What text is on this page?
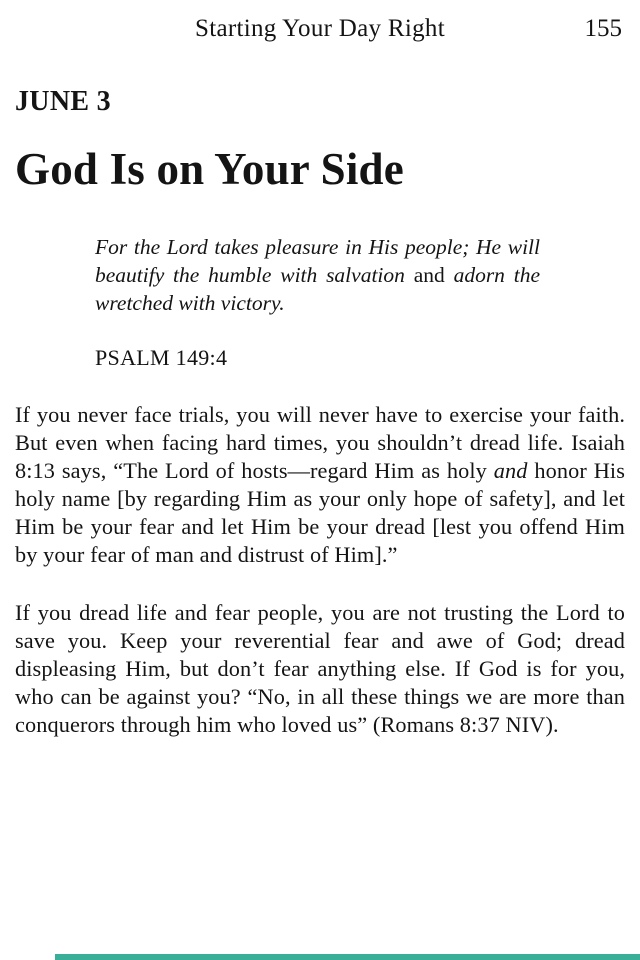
Starting Your Day Right	155
JUNE 3
God Is on Your Side
For the Lord takes pleasure in His people; He will beautify the humble with salvation and adorn the wretched with victory.
PSALM 149:4

If you never face trials, you will never have to exercise your faith. But even when facing hard times, you shouldn’t dread life. Isaiah 8:13 says, “The Lord of hosts—regard Him as holy and honor His holy name [by regarding Him as your only hope of safety], and let Him be your fear and let Him be your dread [lest you offend Him by your fear of man and distrust of Him].”

If you dread life and fear people, you are not trusting the Lord to save you. Keep your reverential fear and awe of God; dread displeasing Him, but don’t fear anything else. If God is for you, who can be against you? “No, in all these things we are more than conquerors through him who loved us” (Romans 8:37 NIV).
